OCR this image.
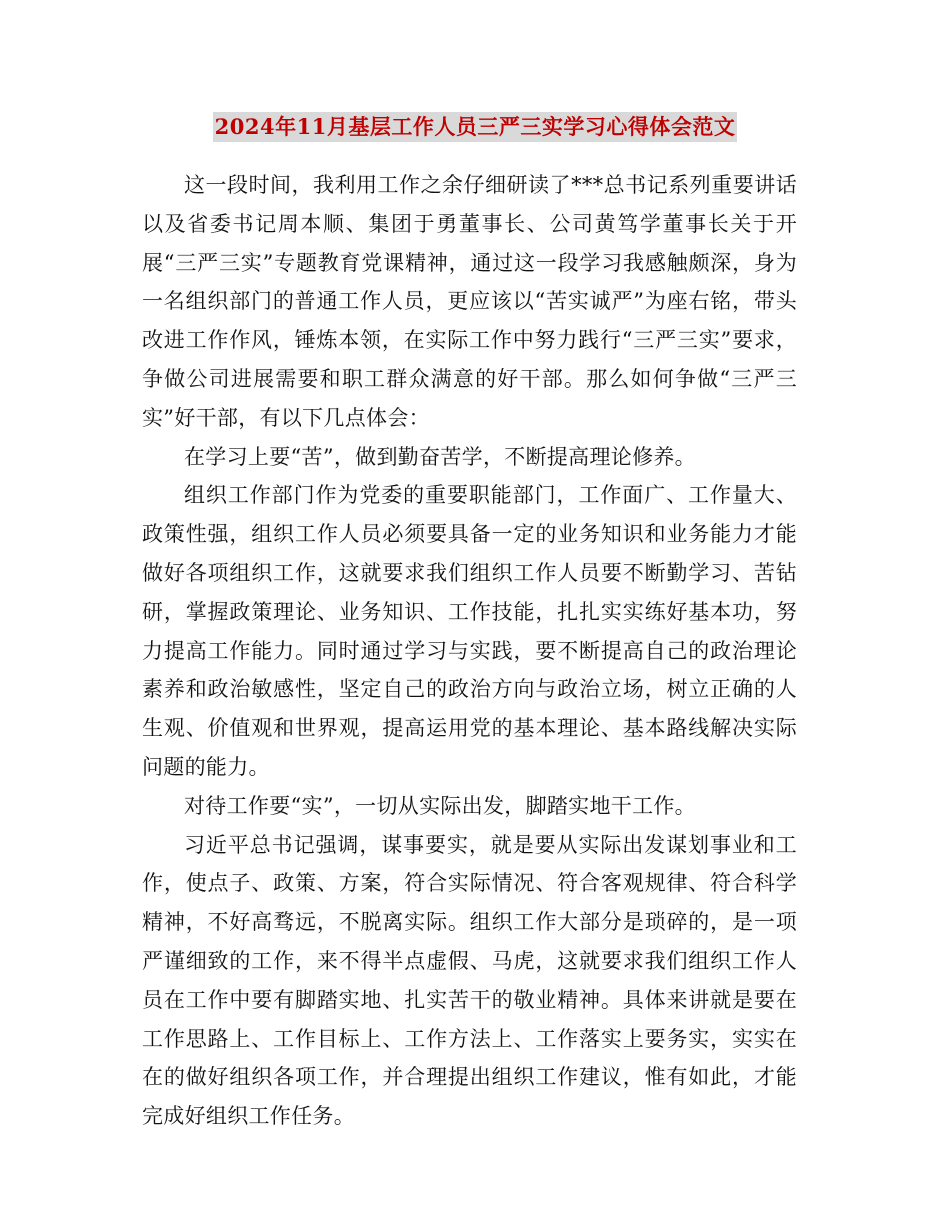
2024年11月基层工作人员三严三实学习心得体会范文

这一段时间，我利用工作之余仔细研读了***总书记系列重要讲话以及省委书记周本顺、集团于勇董事长、公司黄笃学董事长关于开展“三严三实”专题教育党课精神，通过这一段学习我感触颇深，身为一名组织部门的普通工作人员，更应该以“苦实诚严”为座右铭，带头改进工作作风，锤炼本领，在实际工作中努力践行“三严三实”要求，争做公司进展需要和职工群众满意的好干部。那么如何争做“三严三实”好干部，有以下几点体会：

在学习上要“苦”，做到勤奋苦学，不断提高理论修养。

组织工作部门作为党委的重要职能部门，工作面广、工作量大、政策性强，组织工作人员必须要具备一定的业务知识和业务能力才能做好各项组织工作，这就要求我们组织工作人员要不断勤学习、苦钻研，掌握政策理论、业务知识、工作技能，扎扎实实练好基本功，努力提高工作能力。同时通过学习与实践，要不断提高自己的政治理论素养和政治敏感性，坚定自己的政治方向与政治立场，树立正确的人生观、价值观和世界观，提高运用党的基本理论、基本路线解决实际问题的能力。

对待工作要“实”，一切从实际出发，脚踏实地干工作。

习近平总书记强调，谋事要实，就是要从实际出发谋划事业和工作，使点子、政策、方案，符合实际情况、符合客观规律、符合科学精神，不好高骛远，不脱离实际。组织工作大部分是琐碎的，是一项严谨细致的工作，来不得半点虚假、马虎，这就要求我们组织工作人员在工作中要有脚踏实地、扎实苦干的敬业精神。具体来讲就是要在工作思路上、工作目标上、工作方法上、工作落实上要务实，实实在在的做好组织各项工作，并合理提出组织工作建议，惟有如此，才能完成好组织工作任务。
